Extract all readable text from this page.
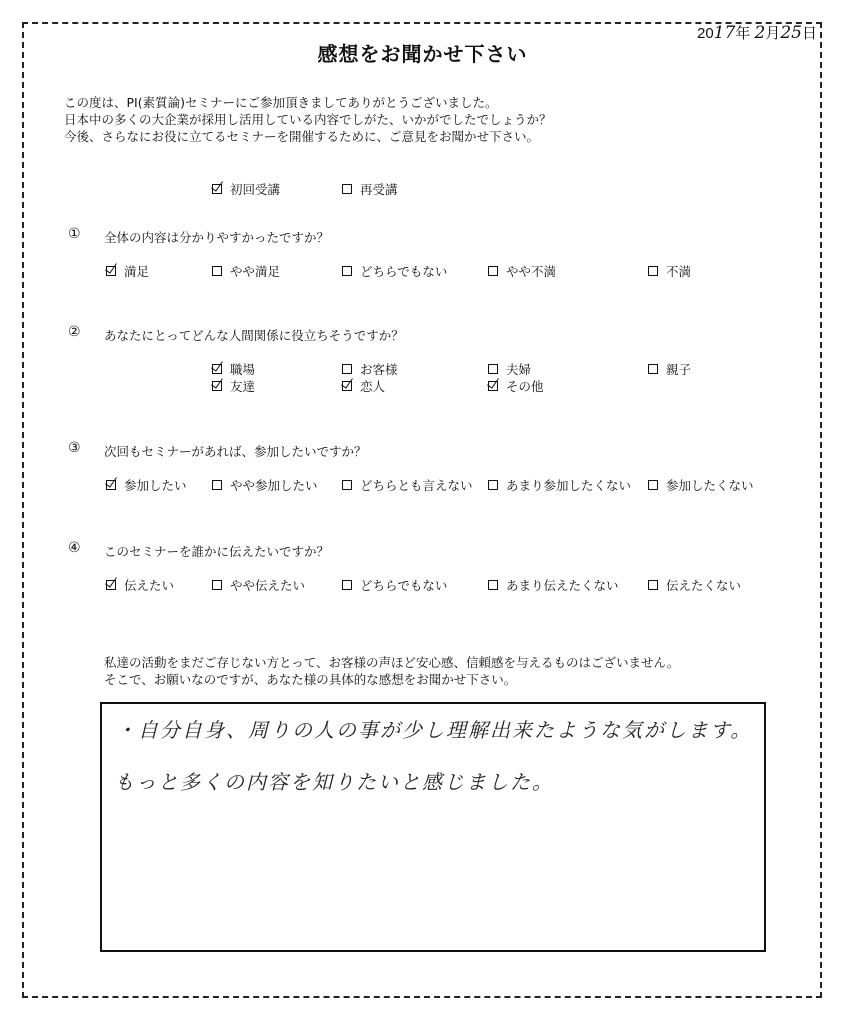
2017年 2月25日
感想をお聞かせ下さい
この度は、PI(素質論)セミナーにご参加頂きましてありがとうございました。
日本中の多くの大企業が採用し活用している内容でしがた、いかがでしたでしょうか？
今後、さらなにお役に立てるセミナーを開催するために、ご意見をお聞かせ下さい。
初回受講	再受講
① 全体の内容は分かりやすかったですか？
満足	やや満足	どちらでもない	やや不満	不満
② あなたにとってどんな人間関係に役立ちそうですか？
職場	お客様	夫婦	親子
友達	恋人	その他
③ 次回もセミナーがあれば、参加したいですか？
参加したい	やや参加したい	どちらとも言えない	あまり参加したくない	参加したくない
④ このセミナーを誰かに伝えたいですか？
伝えたい	やや伝えたい	どちらでもない	あまり伝えたくない	伝えたくない
私達の活動をまだご存じない方とって、お客様の声ほど安心感、信頼感を与えるものはございません。
そこで、お願いなのですが、あなた様の具体的な感想をお聞かせ下さい。
・自分自身、周りの人の事が少し理解出来たような気がします。
もっと多くの内容を知りたいと感じました。
